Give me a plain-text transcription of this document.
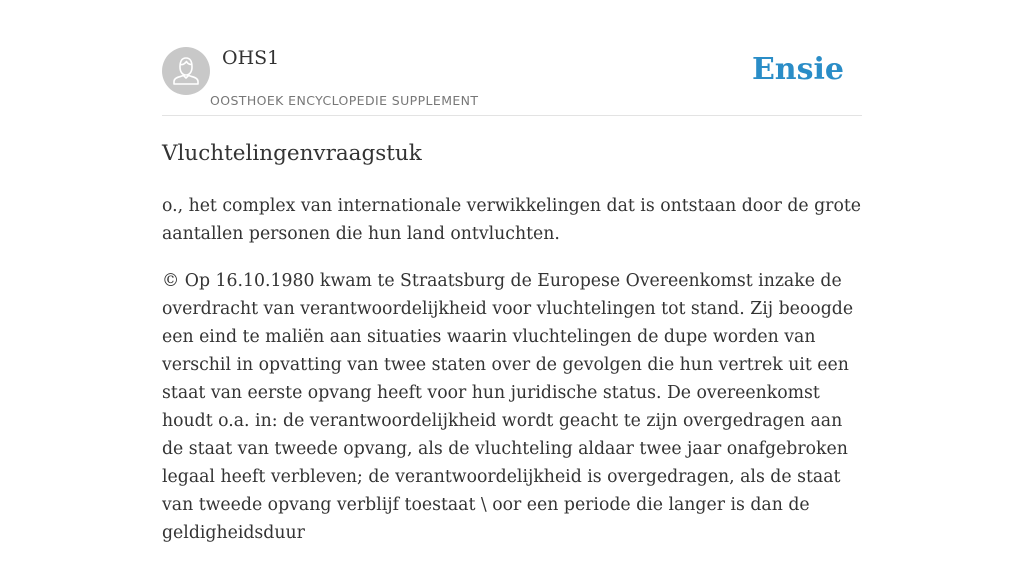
OHS1
OOSTHOEK ENCYCLOPEDIE SUPPLEMENT
Ensie
Vluchtelingenvraagstuk

o., het complex van internationale verwikkelingen dat is ontstaan door de grote aantallen personen die hun land ontvluchten.

© Op 16.10.1980 kwam te Straatsburg de Europese Overeenkomst inzake de overdracht van verantwoordelijkheid voor vluchtelingen tot stand. Zij beoogde een eind te maliën aan situaties waarin vluchtelingen de dupe worden van verschil in opvatting van twee staten over de gevolgen die hun vertrek uit een staat van eerste opvang heeft voor hun juridische status. De overeenkomst houdt o.a. in: de verantwoordelijkheid wordt geacht te zijn overgedragen aan de staat van tweede opvang, als de vluchteling aldaar twee jaar onafgebroken legaal heeft verbleven; de verantwoordelijkheid is overgedragen, als de staat van tweede opvang verblijf toestaat \ oor een periode die langer is dan de geldigheidsduur
